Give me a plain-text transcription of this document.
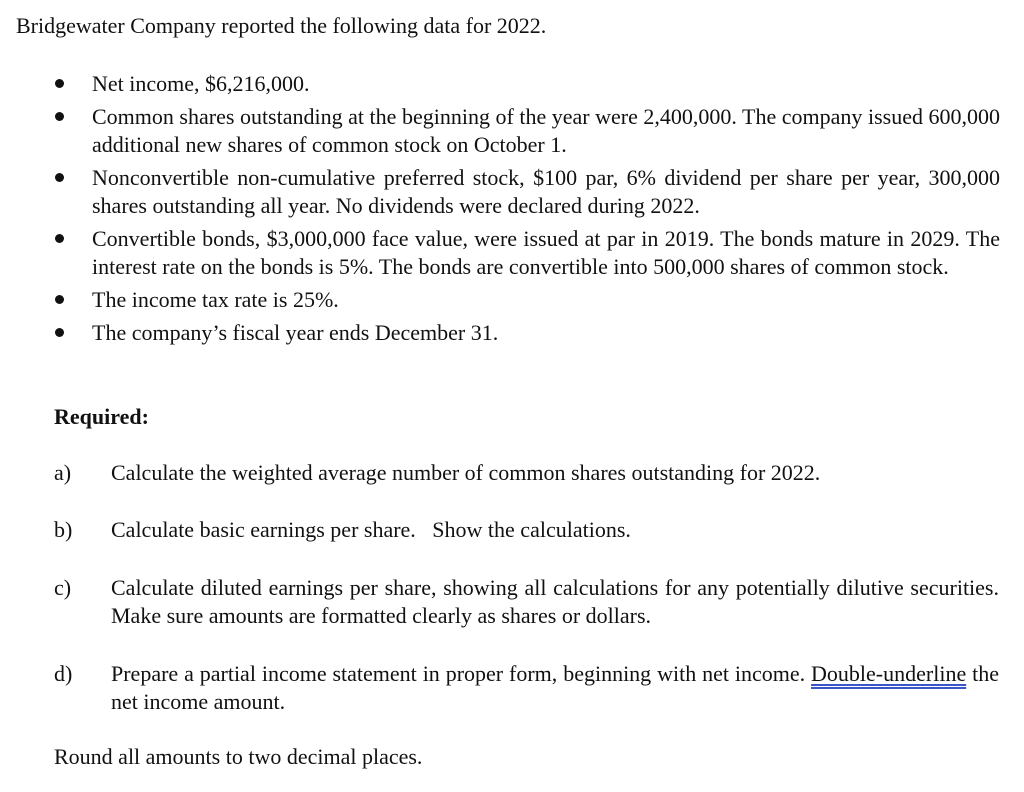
Bridgewater Company reported the following data for 2022.

Net income, $6,216,000.
Common shares outstanding at the beginning of the year were 2,400,000. The company issued 600,000 additional new shares of common stock on October 1.
Nonconvertible non-cumulative preferred stock, $100 par, 6% dividend per share per year, 300,000 shares outstanding all year. No dividends were declared during 2022.
Convertible bonds, $3,000,000 face value, were issued at par in 2019. The bonds mature in 2029. The interest rate on the bonds is 5%. The bonds are convertible into 500,000 shares of common stock.
The income tax rate is 25%.
The company’s fiscal year ends December 31.

Required:

a) Calculate the weighted average number of common shares outstanding for 2022.
b) Calculate basic earnings per share.   Show the calculations.
c) Calculate diluted earnings per share, showing all calculations for any potentially dilutive securities. Make sure amounts are formatted clearly as shares or dollars.
d) Prepare a partial income statement in proper form, beginning with net income. Double-underline the net income amount.

Round all amounts to two decimal places.
